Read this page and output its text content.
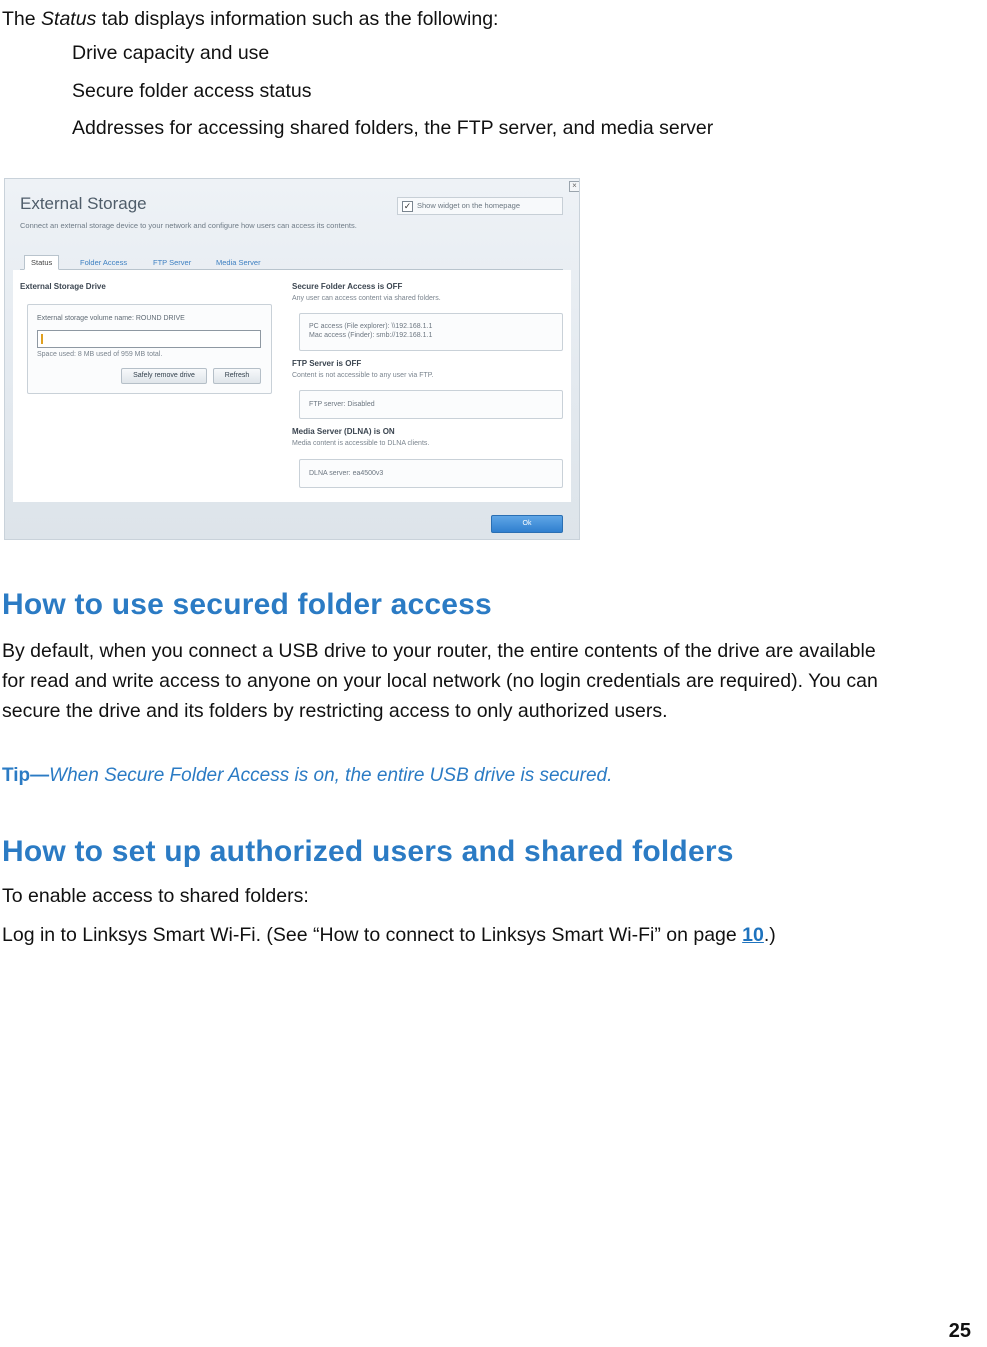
The Status tab displays information such as the following:
Drive capacity and use
Secure folder access status
Addresses for accessing shared folders, the FTP server, and media server
×
External Storage
Connect an external storage device to your network and configure how users can access its contents.
✓ Show widget on the homepage
Status	Folder Access	FTP Server	Media Server
External Storage Drive
External storage volume name: ROUND DRIVE
Space used: 8 MB used of 959 MB total.
Safely remove drive	Refresh
Secure Folder Access is OFF
Any user can access content via shared folders.
PC access (File explorer): \\192.168.1.1
Mac access (Finder): smb://192.168.1.1
FTP Server is OFF
Content is not accessible to any user via FTP.
FTP server: Disabled
Media Server (DLNA) is ON
Media content is accessible to DLNA clients.
DLNA server: ea4500v3
Ok
How to use secured folder access
By default, when you connect a USB drive to your router, the entire contents of the drive are available
for read and write access to anyone on your local network (no login credentials are required). You can
secure the drive and its folders by restricting access to only authorized users.
Tip—When Secure Folder Access is on, the entire USB drive is secured.
How to set up authorized users and shared folders
To enable access to shared folders:
Log in to Linksys Smart Wi-Fi. (See “How to connect to Linksys Smart Wi-Fi” on page 10.)
25
